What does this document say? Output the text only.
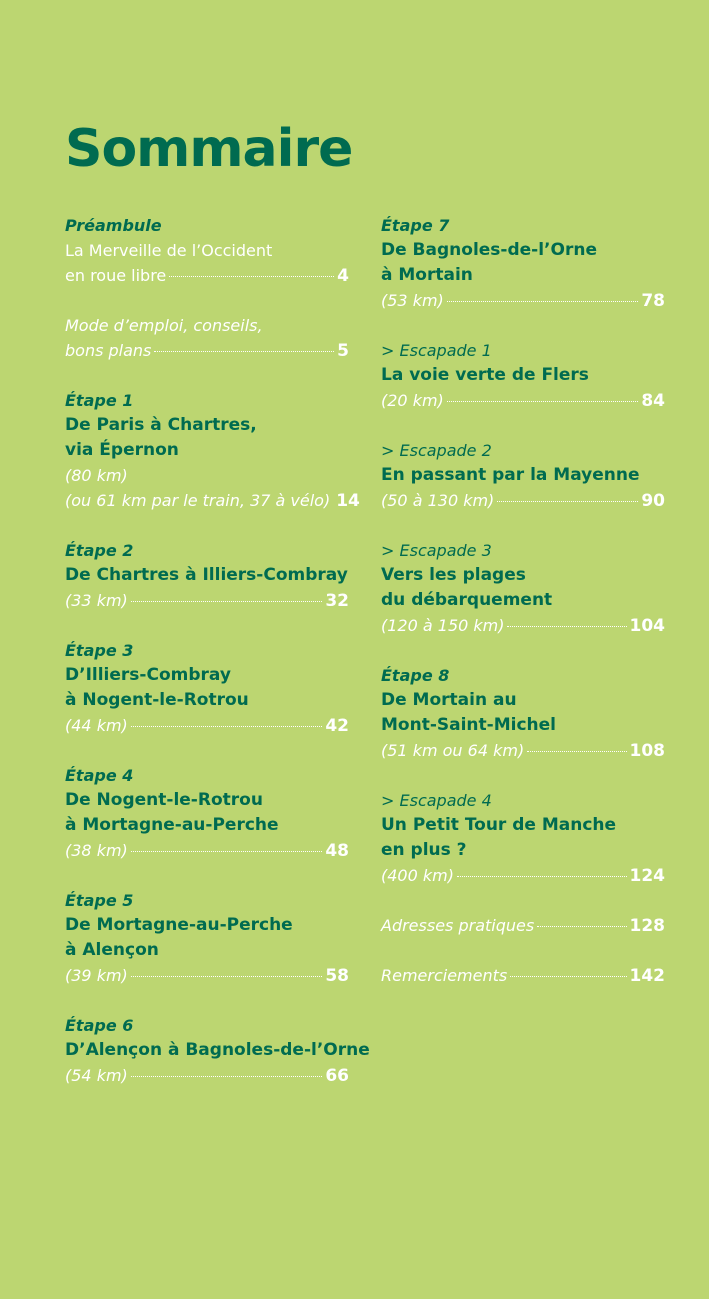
Sommaire
Préambule
La Merveille de l’Occident
en roue libre	4
Mode d’emploi, conseils,
bons plans	5
Étape 1
De Paris à Chartres,
via Épernon
(80 km)
(ou 61 km par le train, 37 à vélo) 14
Étape 2
De Chartres à Illiers-Combray
(33 km)	32
Étape 3
D’Illiers-Combray
à Nogent-le-Rotrou
(44 km)	42
Étape 4
De Nogent-le-Rotrou
à Mortagne-au-Perche
(38 km)	48
Étape 5
De Mortagne-au-Perche
à Alençon
(39 km)	58
Étape 6
D’Alençon à Bagnoles-de-l’Orne
(54 km)	66
Étape 7
De Bagnoles-de-l’Orne
à Mortain
(53 km)	78
> Escapade 1
La voie verte de Flers
(20 km)	84
> Escapade 2
En passant par la Mayenne
(50 à 130 km)	90
> Escapade 3
Vers les plages
du débarquement
(120 à 150 km)	104
Étape 8
De Mortain au
Mont-Saint-Michel
(51 km ou 64 km)	108
> Escapade 4
Un Petit Tour de Manche
en plus ?
(400 km)	124
Adresses pratiques	128
Remerciements	142
